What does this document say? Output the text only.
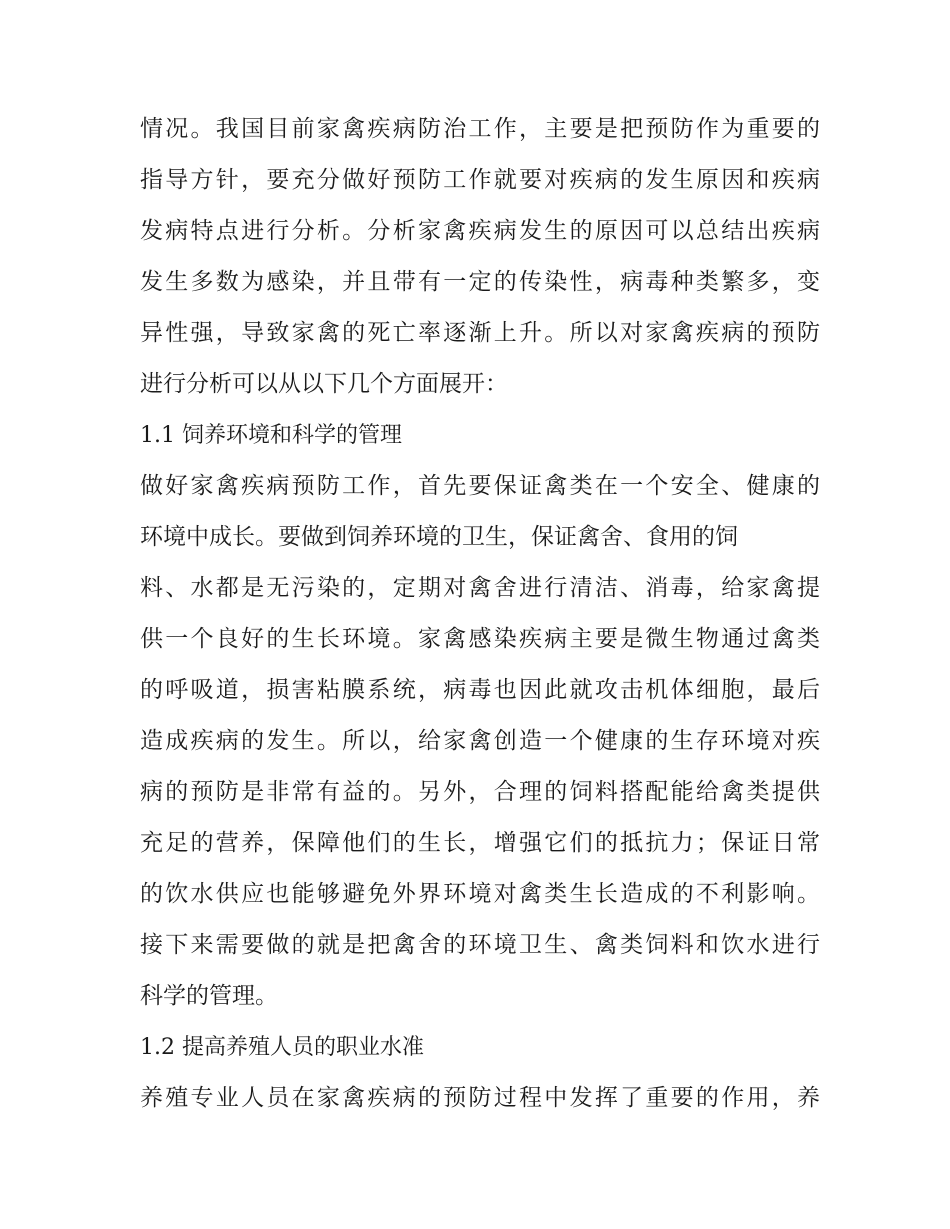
情况。我国目前家禽疾病防治工作，主要是把预防作为重要的
指导方针，要充分做好预防工作就要对疾病的发生原因和疾病
发病特点进行分析。分析家禽疾病发生的原因可以总结出疾病
发生多数为感染，并且带有一定的传染性，病毒种类繁多，变
异性强，导致家禽的死亡率逐渐上升。所以对家禽疾病的预防
进行分析可以从以下几个方面展开：
1.1 饲养环境和科学的管理
做好家禽疾病预防工作，首先要保证禽类在一个安全、健康的
环境中成长。要做到饲养环境的卫生，保证禽舍、食用的饲
料、水都是无污染的，定期对禽舍进行清洁、消毒，给家禽提
供一个良好的生长环境。家禽感染疾病主要是微生物通过禽类
的呼吸道，损害粘膜系统，病毒也因此就攻击机体细胞，最后
造成疾病的发生。所以，给家禽创造一个健康的生存环境对疾
病的预防是非常有益的。另外，合理的饲料搭配能给禽类提供
充足的营养，保障他们的生长，增强它们的抵抗力；保证日常
的饮水供应也能够避免外界环境对禽类生长造成的不利影响。
接下来需要做的就是把禽舍的环境卫生、禽类饲料和饮水进行
科学的管理。
1.2 提高养殖人员的职业水准
养殖专业人员在家禽疾病的预防过程中发挥了重要的作用，养
